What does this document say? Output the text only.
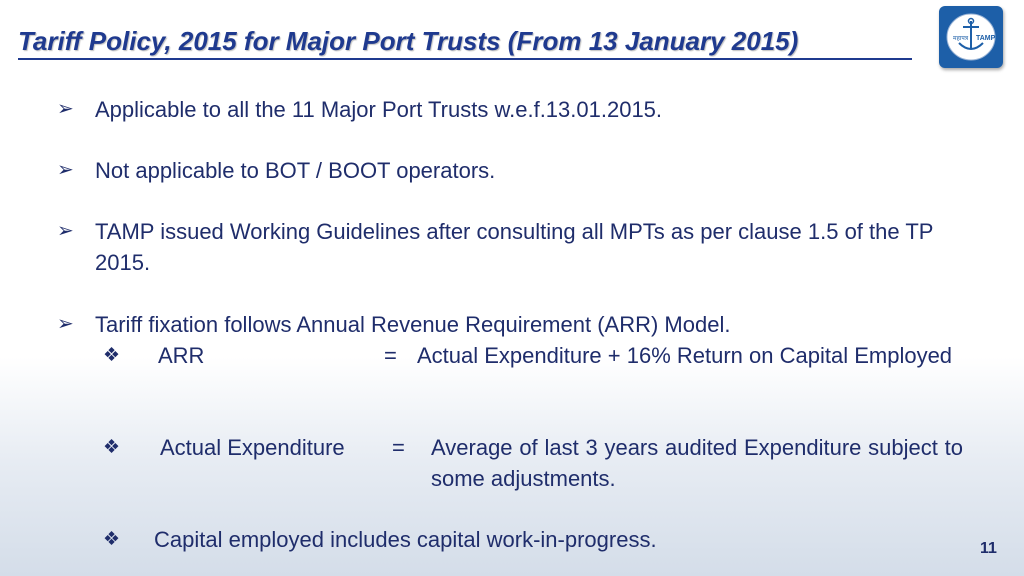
Tariff Policy, 2015 for Major Port Trusts (From 13 January 2015)	महापत्र TAMP
➢ Applicable to all the 11 Major Port Trusts w.e.f.13.01.2015.
➢ Not applicable to BOT / BOOT operators.
➢ TAMP issued Working Guidelines after consulting all MPTs as per clause 1.5 of the TP 2015.
➢ Tariff fixation follows Annual Revenue Requirement (ARR) Model.
❖ ARR	= Actual Expenditure + 16% Return on Capital Employed
❖ Actual Expenditure = Average of last 3 years audited Expenditure subject to some adjustments.
❖ Capital employed includes capital work-in-progress.	11
